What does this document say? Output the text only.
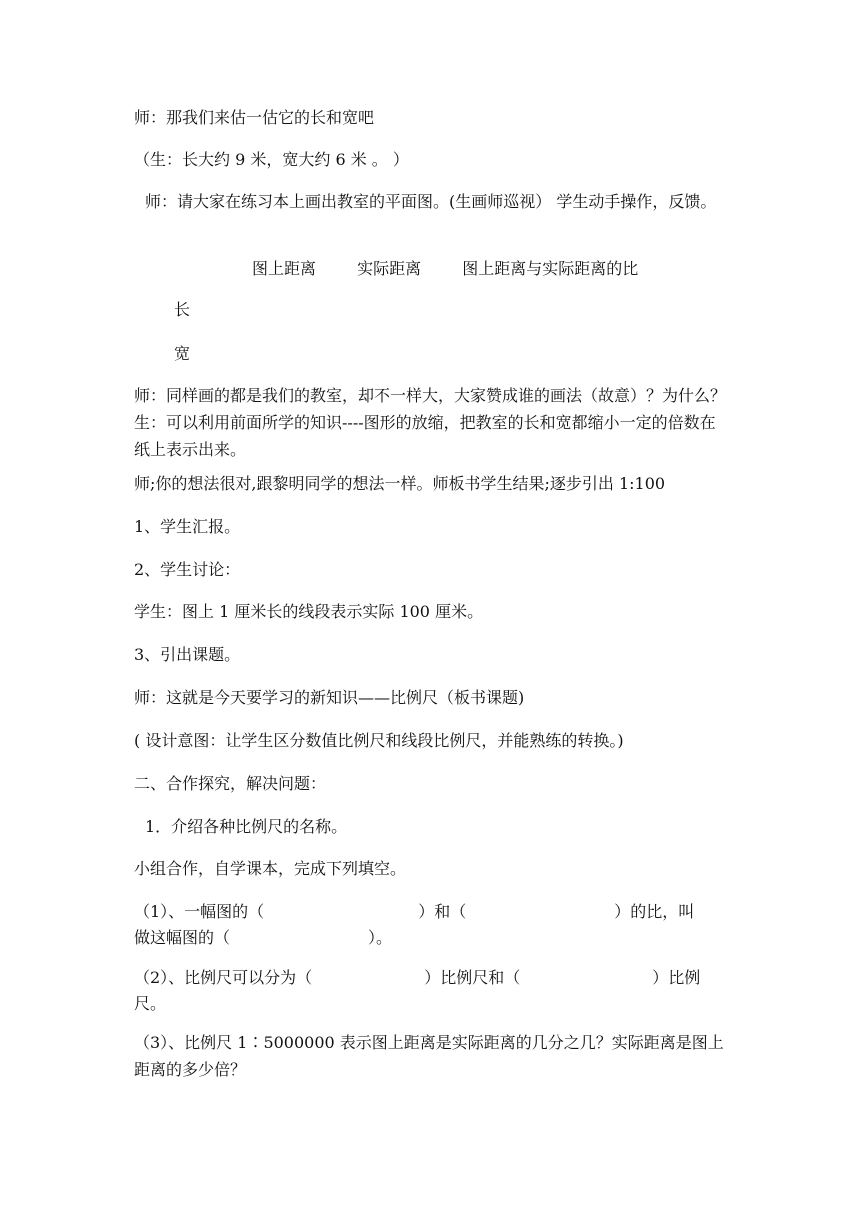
师：那我们来估一估它的长和宽吧
（生：长大约 9 米，宽大约 6 米 。 ）
师：请大家在练习本上画出教室的平面图。(生画师巡视） 学生动手操作，反馈。
图上距离	实际距离	图上距离与实际距离的比
长
宽
师：同样画的都是我们的教室，却不一样大，大家赞成谁的画法（故意）？为什么？　　生：可以利用前面所学的知识----图形的放缩，把教室的长和宽都缩小一定的倍数在纸上表示出来。
师;你的想法很对,跟黎明同学的想法一样。师板书学生结果;逐步引出 1:100
1、学生汇报。
2、学生讨论：
学生：图上 1 厘米长的线段表示实际 100 厘米。
3、引出课题。
师：这就是今天要学习的新知识——比例尺（板书课题)
( 设计意图：让学生区分数值比例尺和线段比例尺，并能熟练的转换。)
二、合作探究，解决问题：
1．介绍各种比例尺的名称。
小组合作，自学课本，完成下列填空。
（1）、一幅图的（	）和（	）的比，叫
做这幅图的（	）。
（2）、比例尺可以分为（	）比例尺和（	）比例
尺。
（3）、比例尺 1∶5000000 表示图上距离是实际距离的几分之几？实际距离是图上距离的多少倍？
